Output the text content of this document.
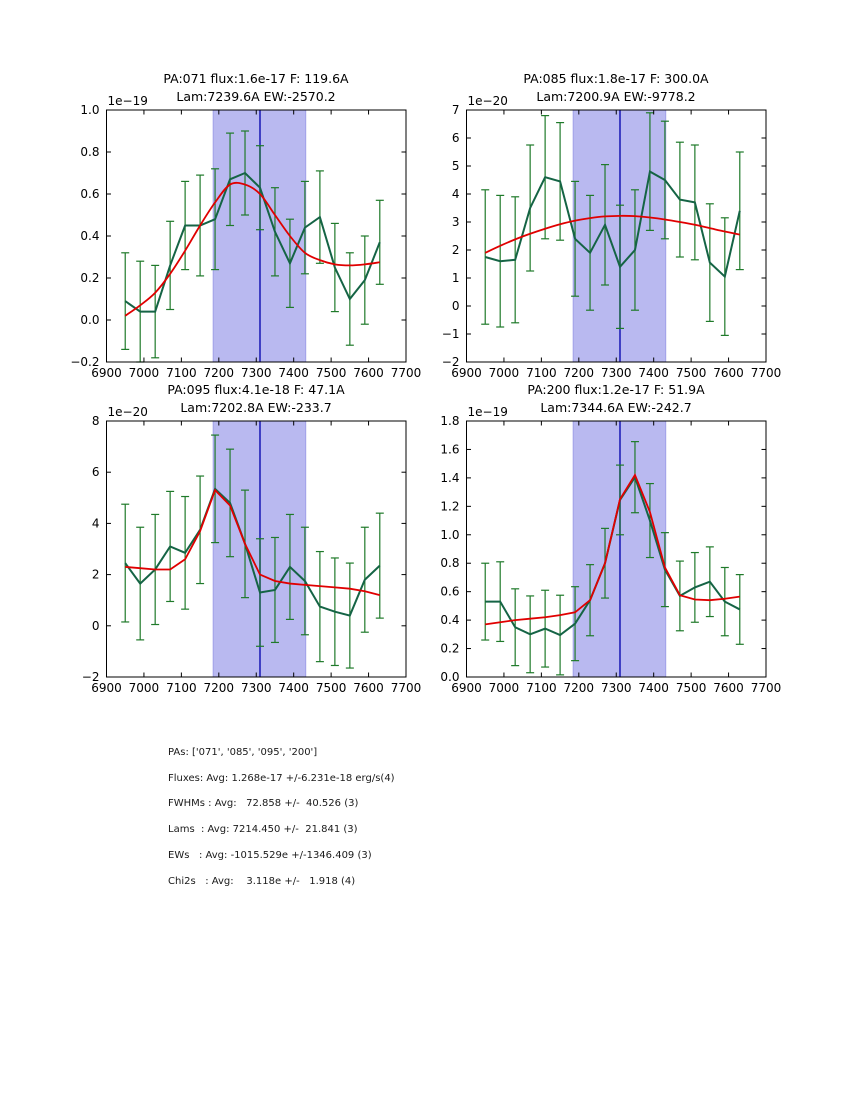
6900 7000 7100 7200 7300 7400 7500 7600 7700
−0.2
0.0
0.2
0.4
0.6
0.8
1.0
1e−19
6900 7000 7100 7200 7300 7400 7500 7600 7700
−2
−1
0
1
2
3
4
5
6
7
1e−20
6900 7000 7100 7200 7300 7400 7500 7600 7700
−2
0
2
4
6
8
1e−20
6900 7000 7100 7200 7300 7400 7500 7600 7700
0.0
0.2
0.4
0.6
0.8
1.0
1.2
1.4
1.6
1.8
1e−19
PA:071 flux:1.6e-17 F: 119.6A
Lam:7239.6A EW:-2570.2
PA:085 flux:1.8e-17 F: 300.0A
Lam:7200.9A EW:-9778.2
PA:095 flux:4.1e-18 F: 47.1A
Lam:7202.8A EW:-233.7
PA:200 flux:1.2e-17 F: 51.9A
Lam:7344.6A EW:-242.7
PAs: ['071', '085', '095', '200']
Fluxes: Avg: 1.268e-17 +/-6.231e-18 erg/s(4)
FWHMs : Avg:   72.858 +/-  40.526 (3)
Lams  : Avg: 7214.450 +/-  21.841 (3)
EWs   : Avg: -1015.529e +/-1346.409 (3)
Chi2s   : Avg:    3.118e +/-   1.918 (4)
